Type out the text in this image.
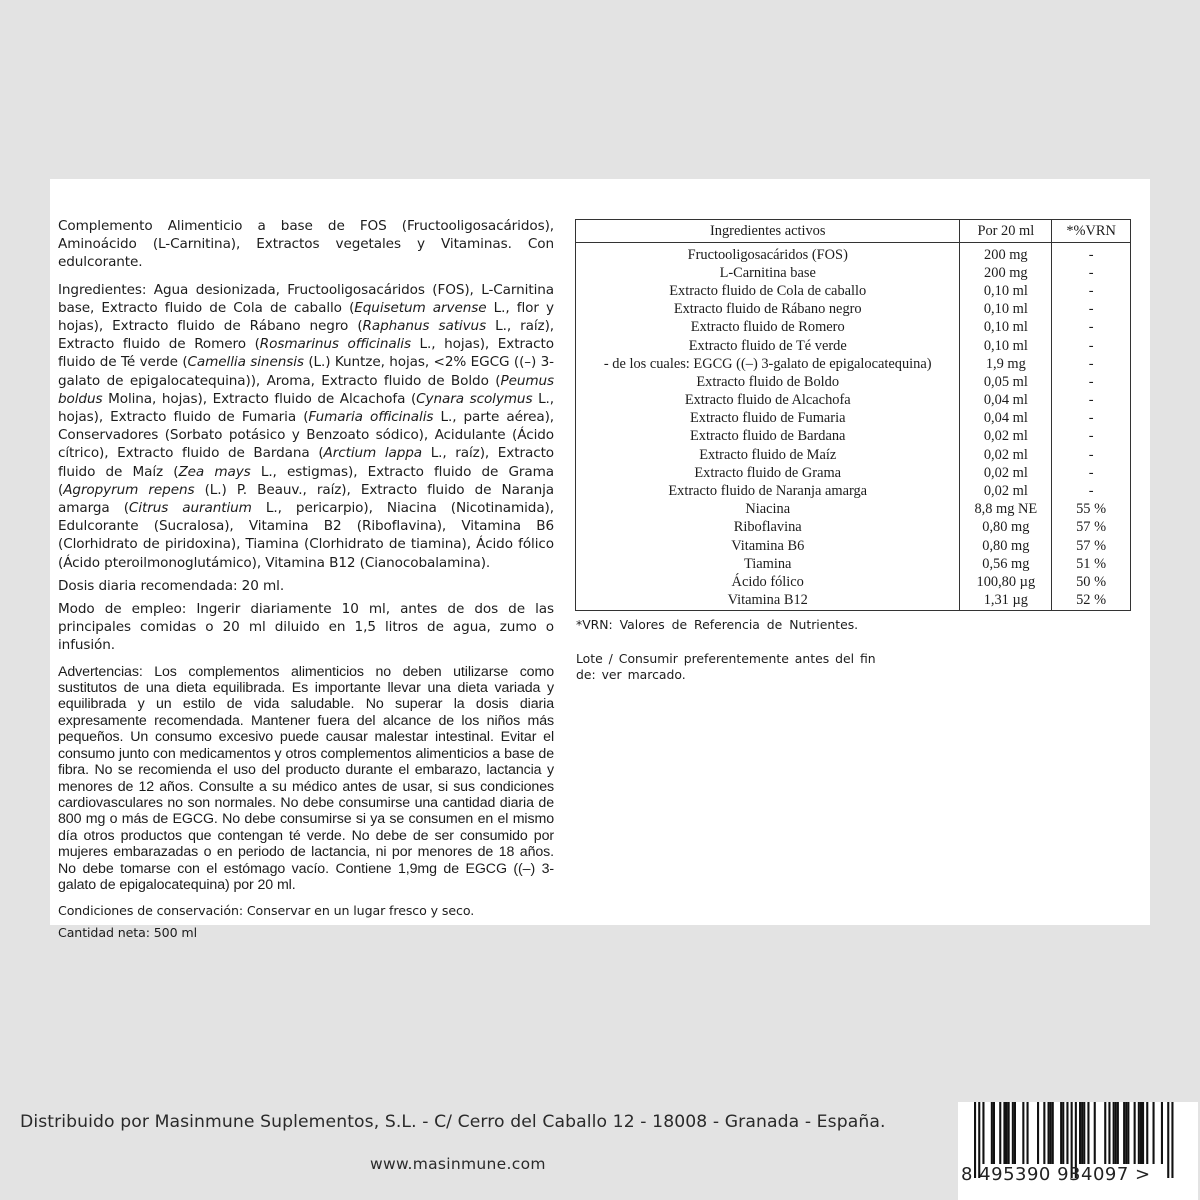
Complemento Alimenticio a base de FOS (Fructooligosacáridos), Aminoácido (L-Carnitina), Extractos vegetales y Vitaminas. Con edulcorante.

Ingredientes: Agua desionizada, Fructooligosacáridos (FOS), L-Carnitina base, Extracto fluido de Cola de caballo (Equisetum arvense L., flor y hojas), Extracto fluido de Rábano negro (Raphanus sativus L., raíz), Extracto fluido de Romero (Rosmarinus officinalis L., hojas), Extracto fluido de Té verde (Camellia sinensis (L.) Kuntze, hojas, <2% EGCG ((–) 3-galato de epigalocatequina)), Aroma, Extracto fluido de Boldo (Peumus boldus Molina, hojas), Extracto fluido de Alcachofa (Cynara scolymus L., hojas), Extracto fluido de Fumaria (Fumaria officinalis L., parte aérea), Conservadores (Sorbato potásico y Benzoato sódico), Acidulante (Ácido cítrico), Extracto fluido de Bardana (Arctium lappa L., raíz), Extracto fluido de Maíz (Zea mays L., estigmas), Extracto fluido de Grama (Agropyrum repens (L.) P. Beauv., raíz), Extracto fluido de Naranja amarga (Citrus aurantium L., pericarpio), Niacina (Nicotinamida), Edulcorante (Sucralosa), Vitamina B2 (Riboflavina), Vitamina B6 (Clorhidrato de piridoxina), Tiamina (Clorhidrato de tiamina), Ácido fólico (Ácido pteroilmonoglutámico), Vitamina B12 (Cianocobalamina).

Dosis diaria recomendada: 20 ml.

Modo de empleo: Ingerir diariamente 10 ml, antes de dos de las principales comidas o 20 ml diluido en 1,5 litros de agua, zumo o infusión.

Advertencias: Los complementos alimenticios no deben utilizarse como sustitutos de una dieta equilibrada. Es importante llevar una dieta variada y equilibrada y un estilo de vida saludable. No superar la dosis diaria expresamente recomendada. Mantener fuera del alcance de los niños más pequeños. Un consumo excesivo puede causar malestar intestinal. Evitar el consumo junto con medicamentos y otros complementos alimenticios a base de fibra. No se recomienda el uso del producto durante el embarazo, lactancia y menores de 12 años. Consulte a su médico antes de usar, si sus condiciones cardiovasculares no son normales. No debe consumirse una cantidad diaria de 800 mg o más de EGCG. No debe consumirse si ya se consumen en el mismo día otros productos que contengan té verde. No debe de ser consumido por mujeres embarazadas o en periodo de lactancia, ni por menores de 18 años. No debe tomarse con el estómago vacío. Contiene 1,9mg de EGCG ((–) 3-galato de epigalocatequina) por 20 ml.

Condiciones de conservación: Conservar en un lugar fresco y seco.

Cantidad neta: 500 ml

Ingredientes activos	Por 20 ml	*%VRN
Fructooligosacáridos (FOS)	200 mg	-
L-Carnitina base	200 mg	-
Extracto fluido de Cola de caballo	0,10 ml	-
Extracto fluido de Rábano negro	0,10 ml	-
Extracto fluido de Romero	0,10 ml	-
Extracto fluido de Té verde	0,10 ml	-
- de los cuales: EGCG ((–) 3-galato de epigalocatequina)	1,9 mg	-
Extracto fluido de Boldo	0,05 ml	-
Extracto fluido de Alcachofa	0,04 ml	-
Extracto fluido de Fumaria	0,04 ml	-
Extracto fluido de Bardana	0,02 ml	-
Extracto fluido de Maíz	0,02 ml	-
Extracto fluido de Grama	0,02 ml	-
Extracto fluido de Naranja amarga	0,02 ml	-
Niacina	8,8 mg NE	55 %
Riboflavina	0,80 mg	57 %
Vitamina B6	0,80 mg	57 %
Tiamina	0,56 mg	51 %
Ácido fólico	100,80 µg	50 %
Vitamina B12	1,31 µg	52 %
*VRN: Valores de Referencia de Nutrientes.
Lote / Consumir preferentemente antes del fin de: ver marcado.
Distribuido por Masinmune Suplementos, S.L. - C/ Cerro del Caballo 12 - 18008 - Granada - España.
www.masinmune.com	8 495390 934097 >
